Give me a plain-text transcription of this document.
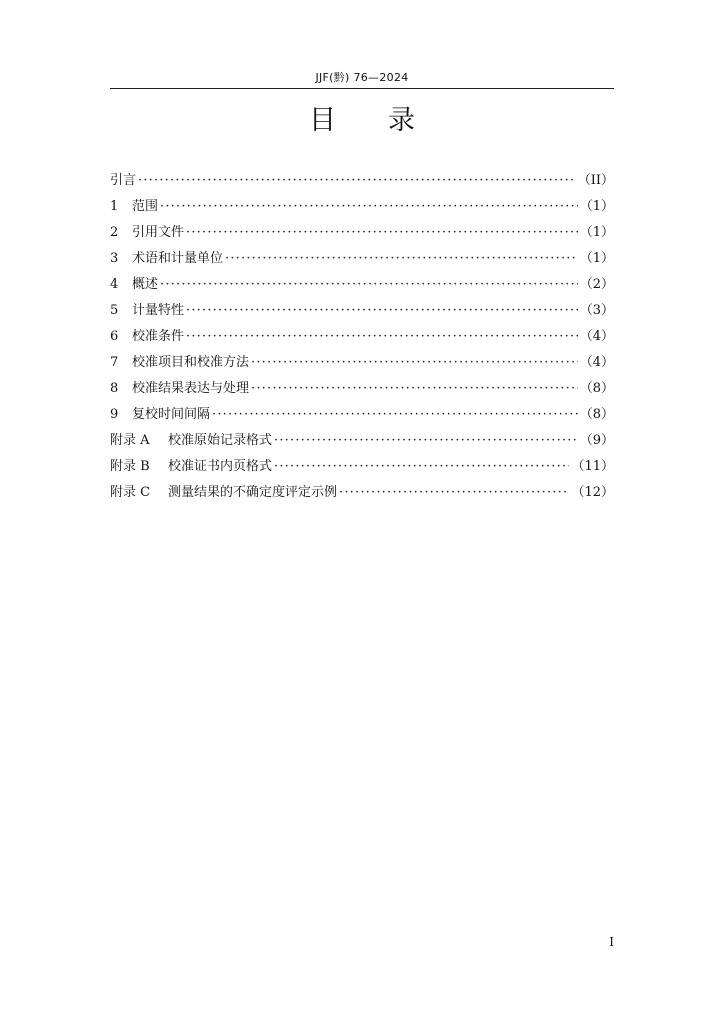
JJF(黔) 76—2024
目 录
引言 ·····	（II）
1	范围 ·····	（1）
2	引用文件 ·····	（1）
3	术语和计量单位 ·····	（1）
4	概述 ·····	（2）
5	计量特性 ·····	（3）
6	校准条件 ·····	（4）
7	校准项目和校准方法 ·····	（4）
8	校准结果表达与处理 ·····	（8）
9	复校时间间隔 ·····	（8）
附录 A	校准原始记录格式 ·····	（9）
附录 B	校准证书内页格式 ·····	（11）
附录 C	测量结果的不确定度评定示例 ·····	（12）
I
